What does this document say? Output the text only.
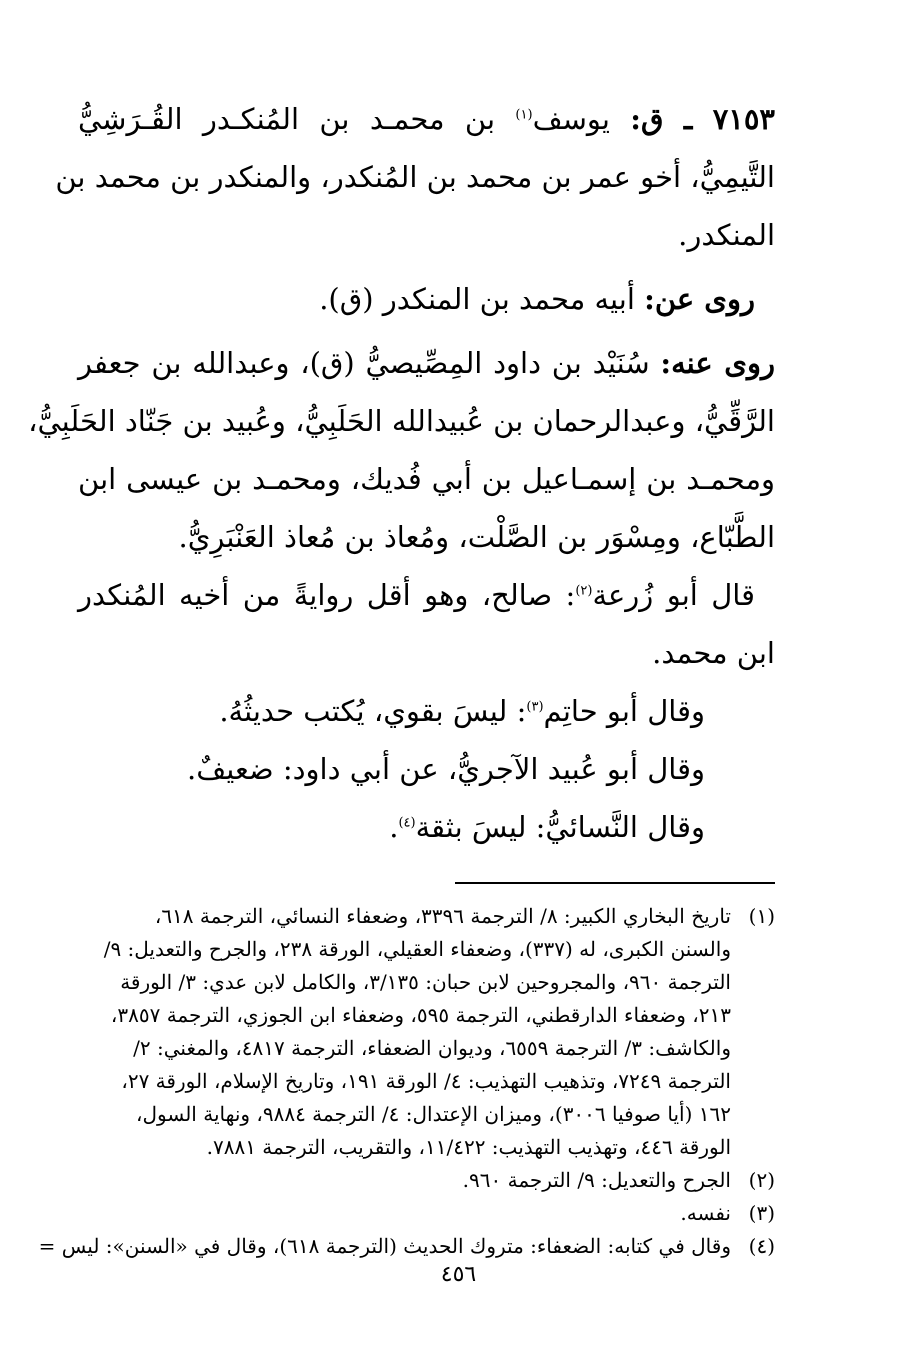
٧١٥٣ ـ ق: يوسف$^{(١)}$ بن محمـد بن المُنكـدر القُـرَشِيُّ
التَّيمِيُّ، أخو عمر بن محمد بن المُنكدر، والمنكدر بن محمد بن
المنكدر.
روى عن: أبيه محمد بن المنكدر (ق).
روى عنه: سُنَيْد بن داود المِصِّيصيُّ (ق)، وعبدالله بن جعفر
الرَّقِّيُّ، وعبدالرحمان بن عُبيدالله الحَلَبِيُّ، وعُبيد بن جَنّاد الحَلَبِيُّ،
ومحمـد بن إسمـاعيل بن أبي فُديك، ومحمـد بن عيسى ابن
الطَّبّاع، ومِسْوَر بن الصَّلْت، ومُعاذ بن مُعاذ العَنْبَرِيُّ.
قال أبو زُرعة$^{(٢)}$: صالح، وهو أقل روايةً من أخيه المُنكدر
ابن محمد.
وقال أبو حاتِم$^{(٣)}$: ليسَ بقوي، يُكتب حديثُهُ.
وقال أبو عُبيد الآجريُّ، عن أبي داود: ضعيفٌ.
وقال النَّسائيُّ: ليسَ بثقة$^{(٤)}$.
(١)تاريخ البخاري الكبير: ٨/ الترجمة ٣٣٩٦، وضعفاء النسائي، الترجمة ٦١٨،
والسنن الكبرى، له (٣٣٧)، وضعفاء العقيلي، الورقة ٢٣٨، والجرح والتعديل: ٩/
الترجمة ٩٦٠، والمجروحين لابن حبان: ٣/١٣٥، والكامل لابن عدي: ٣/ الورقة
٢١٣، وضعفاء الدارقطني، الترجمة ٥٩٥، وضعفاء ابن الجوزي، الترجمة ٣٨٥٧،
والكاشف: ٣/ الترجمة ٦٥٥٩، وديوان الضعفاء، الترجمة ٤٨١٧، والمغني: ٢/
الترجمة ٧٢٤٩، وتذهيب التهذيب: ٤/ الورقة ١٩١، وتاريخ الإسلام، الورقة ٢٧،
١٦٢ (أيا صوفيا ٣٠٠٦)، وميزان الإعتدال: ٤/ الترجمة ٩٨٨٤، ونهاية السول،
الورقة ٤٤٦، وتهذيب التهذيب: ١١/٤٢٢، والتقريب، الترجمة ٧٨٨١.
(٢)الجرح والتعديل: ٩/ الترجمة ٩٦٠.
(٣)نفسه.
(٤)وقال في كتابه: الضعفاء: متروك الحديث (الترجمة ٦١٨)، وقال في «السنن»: ليس =
٤٥٦
